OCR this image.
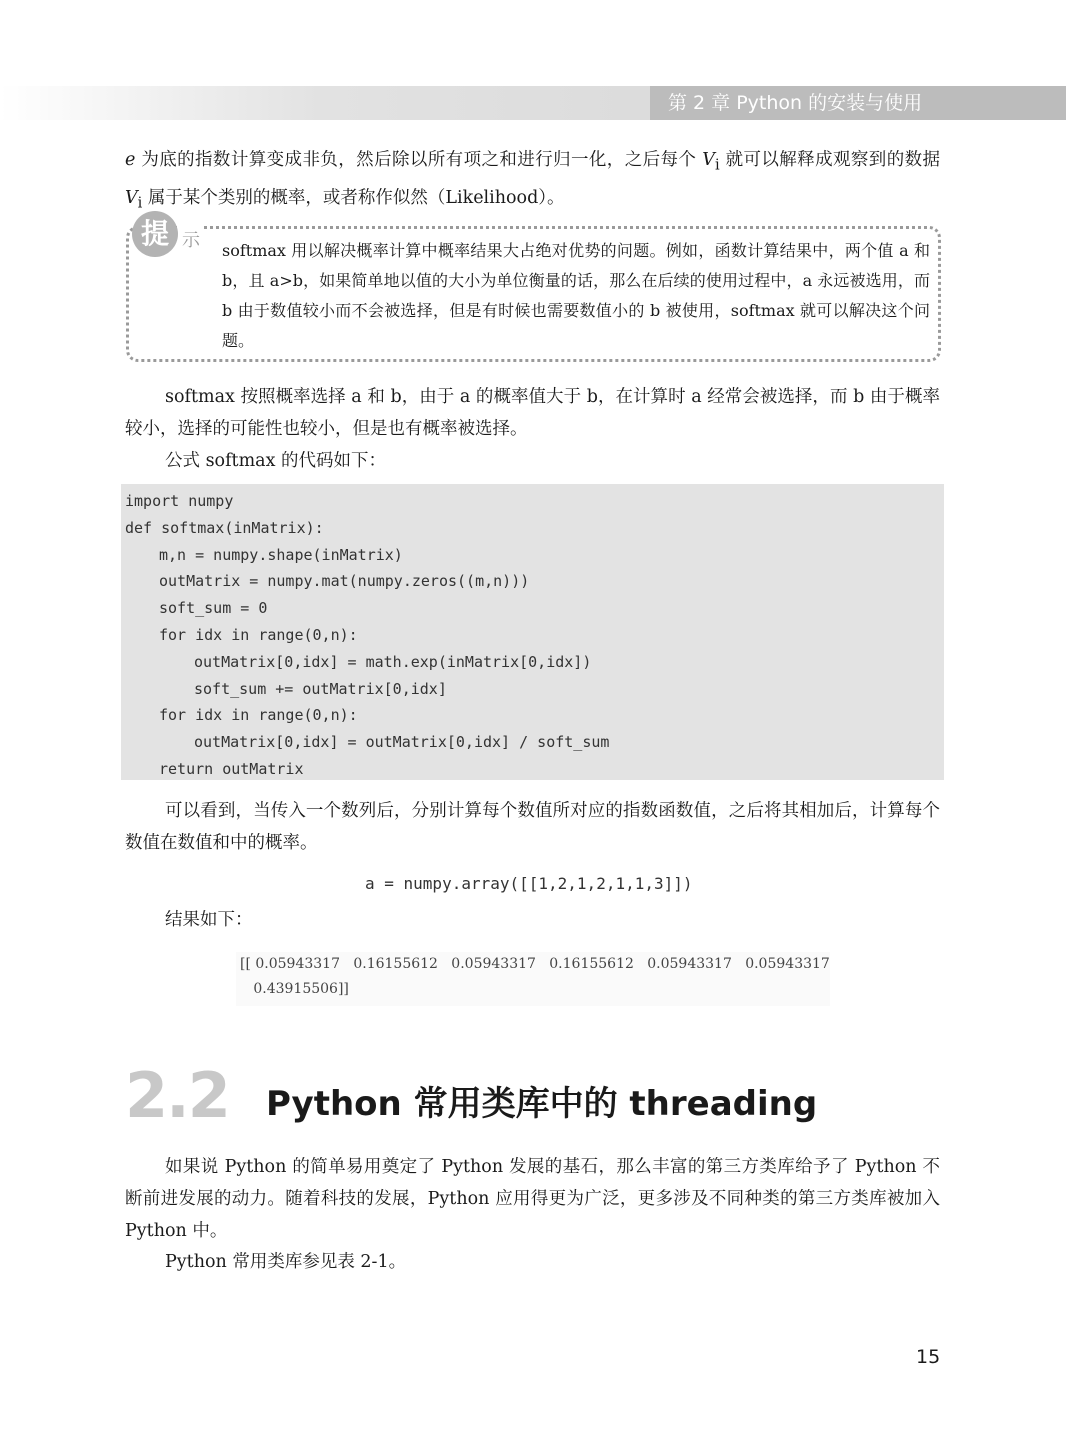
第 2 章 Python 的安装与使用

e 为底的指数计算变成非负，然后除以所有项之和进行归一化，之后每个 $V_i$ 就可以解释成观察到的数据 $V_i$ 属于某个类别的概率，或者称作似然（Likelihood）。

提 示 softmax 用以解决概率计算中概率结果大占绝对优势的问题。例如，函数计算结果中，两个值 a 和 b，且 a>b，如果简单地以值的大小为单位衡量的话，那么在后续的使用过程中，a 永远被选用，而 b 由于数值较小而不会被选择，但是有时候也需要数值小的 b 被使用，softmax 就可以解决这个问题。

softmax 按照概率选择 a 和 b，由于 a 的概率值大于 b，在计算时 a 经常会被选择，而 b 由于概率较小，选择的可能性也较小，但是也有概率被选择。

公式 softmax 的代码如下：

import numpy
def softmax(inMatrix):
m,n = numpy.shape(inMatrix)
outMatrix = numpy.mat(numpy.zeros((m,n)))
soft_sum = 0
for idx in range(0,n):
outMatrix[0,idx] = math.exp(inMatrix[0,idx])
soft_sum += outMatrix[0,idx]
for idx in range(0,n):
outMatrix[0,idx] = outMatrix[0,idx] / soft_sum
return outMatrix

可以看到，当传入一个数列后，分别计算每个数值所对应的指数函数值，之后将其相加后，计算每个数值在数值和中的概率。

a = numpy.array([[1,2,1,2,1,1,3]])

结果如下：

[[ 0.05943317   0.16155612   0.05943317   0.16155612   0.05943317   0.05943317
0.43915506]]
2.2 Python 常用类库中的 threading

如果说 Python 的简单易用奠定了 Python 发展的基石，那么丰富的第三方类库给予了 Python 不断前进发展的动力。随着科技的发展，Python 应用得更为广泛，更多涉及不同种类的第三方类库被加入 Python 中。

Python 常用类库参见表 2-1。

15
